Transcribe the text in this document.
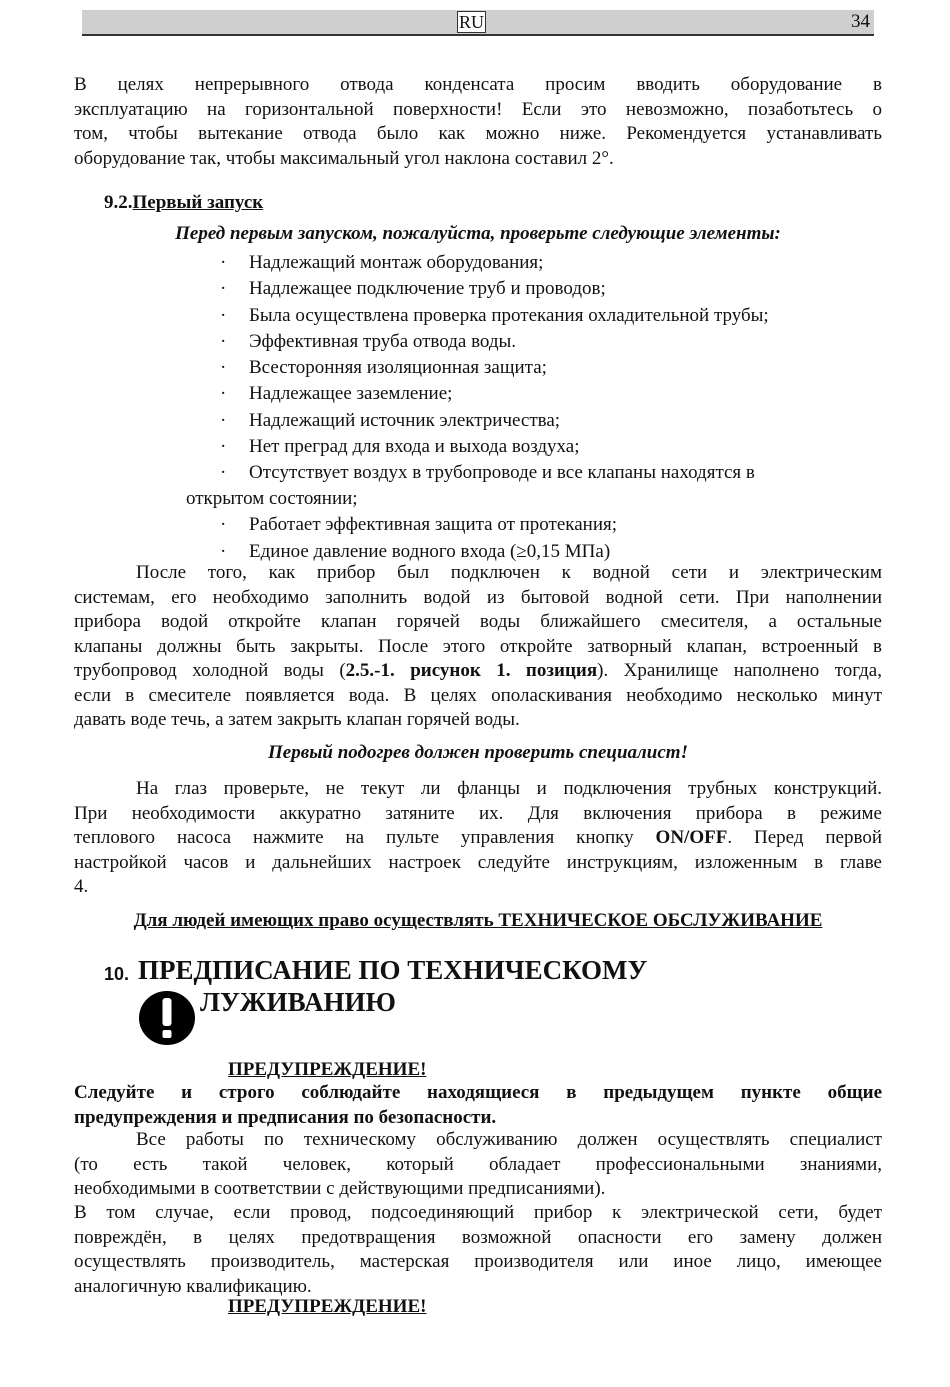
RU	34
В целях непрерывного отвода конденсата просим вводить оборудование в
эксплуатацию на горизонтальной поверхности! Если это невозможно, позаботьтесь о
том, чтобы вытекание отвода было как можно ниже. Рекомендуется устанавливать
оборудование так, чтобы максимальный угол наклона составил 2°.
9.2.Первый запуск
Перед первым запуском, пожалуйста, проверьте следующие элементы:
· Надлежащий монтаж оборудования;
· Надлежащее подключение труб и проводов;
· Была осуществлена проверка протекания охладительной трубы;
· Эффективная труба отвода воды.
· Всесторонняя изоляционная защита;
· Надлежащее заземление;
· Надлежащий источник электричества;
· Нет преград для входа и выхода воздуха;
· Отсутствует воздух в трубопроводе и все клапаны находятся в
открытом состоянии;
· Работает эффективная защита от протекания;
· Единое давление водного входа (≥0,15 МПа)
После того, как прибор был подключен к водной сети и электрическим
системам, его необходимо заполнить водой из бытовой водной сети. При наполнении
прибора водой откройте клапан горячей воды ближайшего смесителя, а остальные
клапаны должны быть закрыты. После этого откройте затворный клапан, встроенный в
трубопровод холодной воды (2.5.-1. рисунок 1. позиция). Хранилище наполнено тогда,
если в смесителе появляется вода. В целях ополаскивания необходимо несколько минут
давать воде течь, а затем закрыть клапан горячей воды.
Первый подогрев должен проверить специалист!
На глаз проверьте, не текут ли фланцы и подключения трубных конструкций.
При необходимости аккуратно затяните их. Для включения прибора в режиме
теплового насоса нажмите на пульте управления кнопку ON/OFF. Перед первой
настройкой часов и дальнейших настроек следуйте инструкциям, изложенным в главе
4.
Для людей имеющих право осуществлять ТЕХНИЧЕСКОЕ ОБСЛУЖИВАНИЕ
10. ПРЕДПИСАНИЕ ПО ТЕХНИЧЕСКОМУ
ЛУЖИВАНИЮ
ПРЕДУПРЕЖДЕНИЕ!
Следуйте и строго соблюдайте находящиеся в предыдущем пункте общие
предупреждения и предписания по безопасности.
Все работы по техническому обслуживанию должен осуществлять специалист
(то есть такой человек, который обладает профессиональными знаниями,
необходимыми в соответствии с действующими предписаниями).
В том случае, если провод, подсоединяющий прибор к электрической сети, будет
повреждён, в целях предотвращения возможной опасности его замену должен
осуществлять производитель, мастерская производителя или иное лицо, имеющее
аналогичную квалификацию.
ПРЕДУПРЕЖДЕНИЕ!
